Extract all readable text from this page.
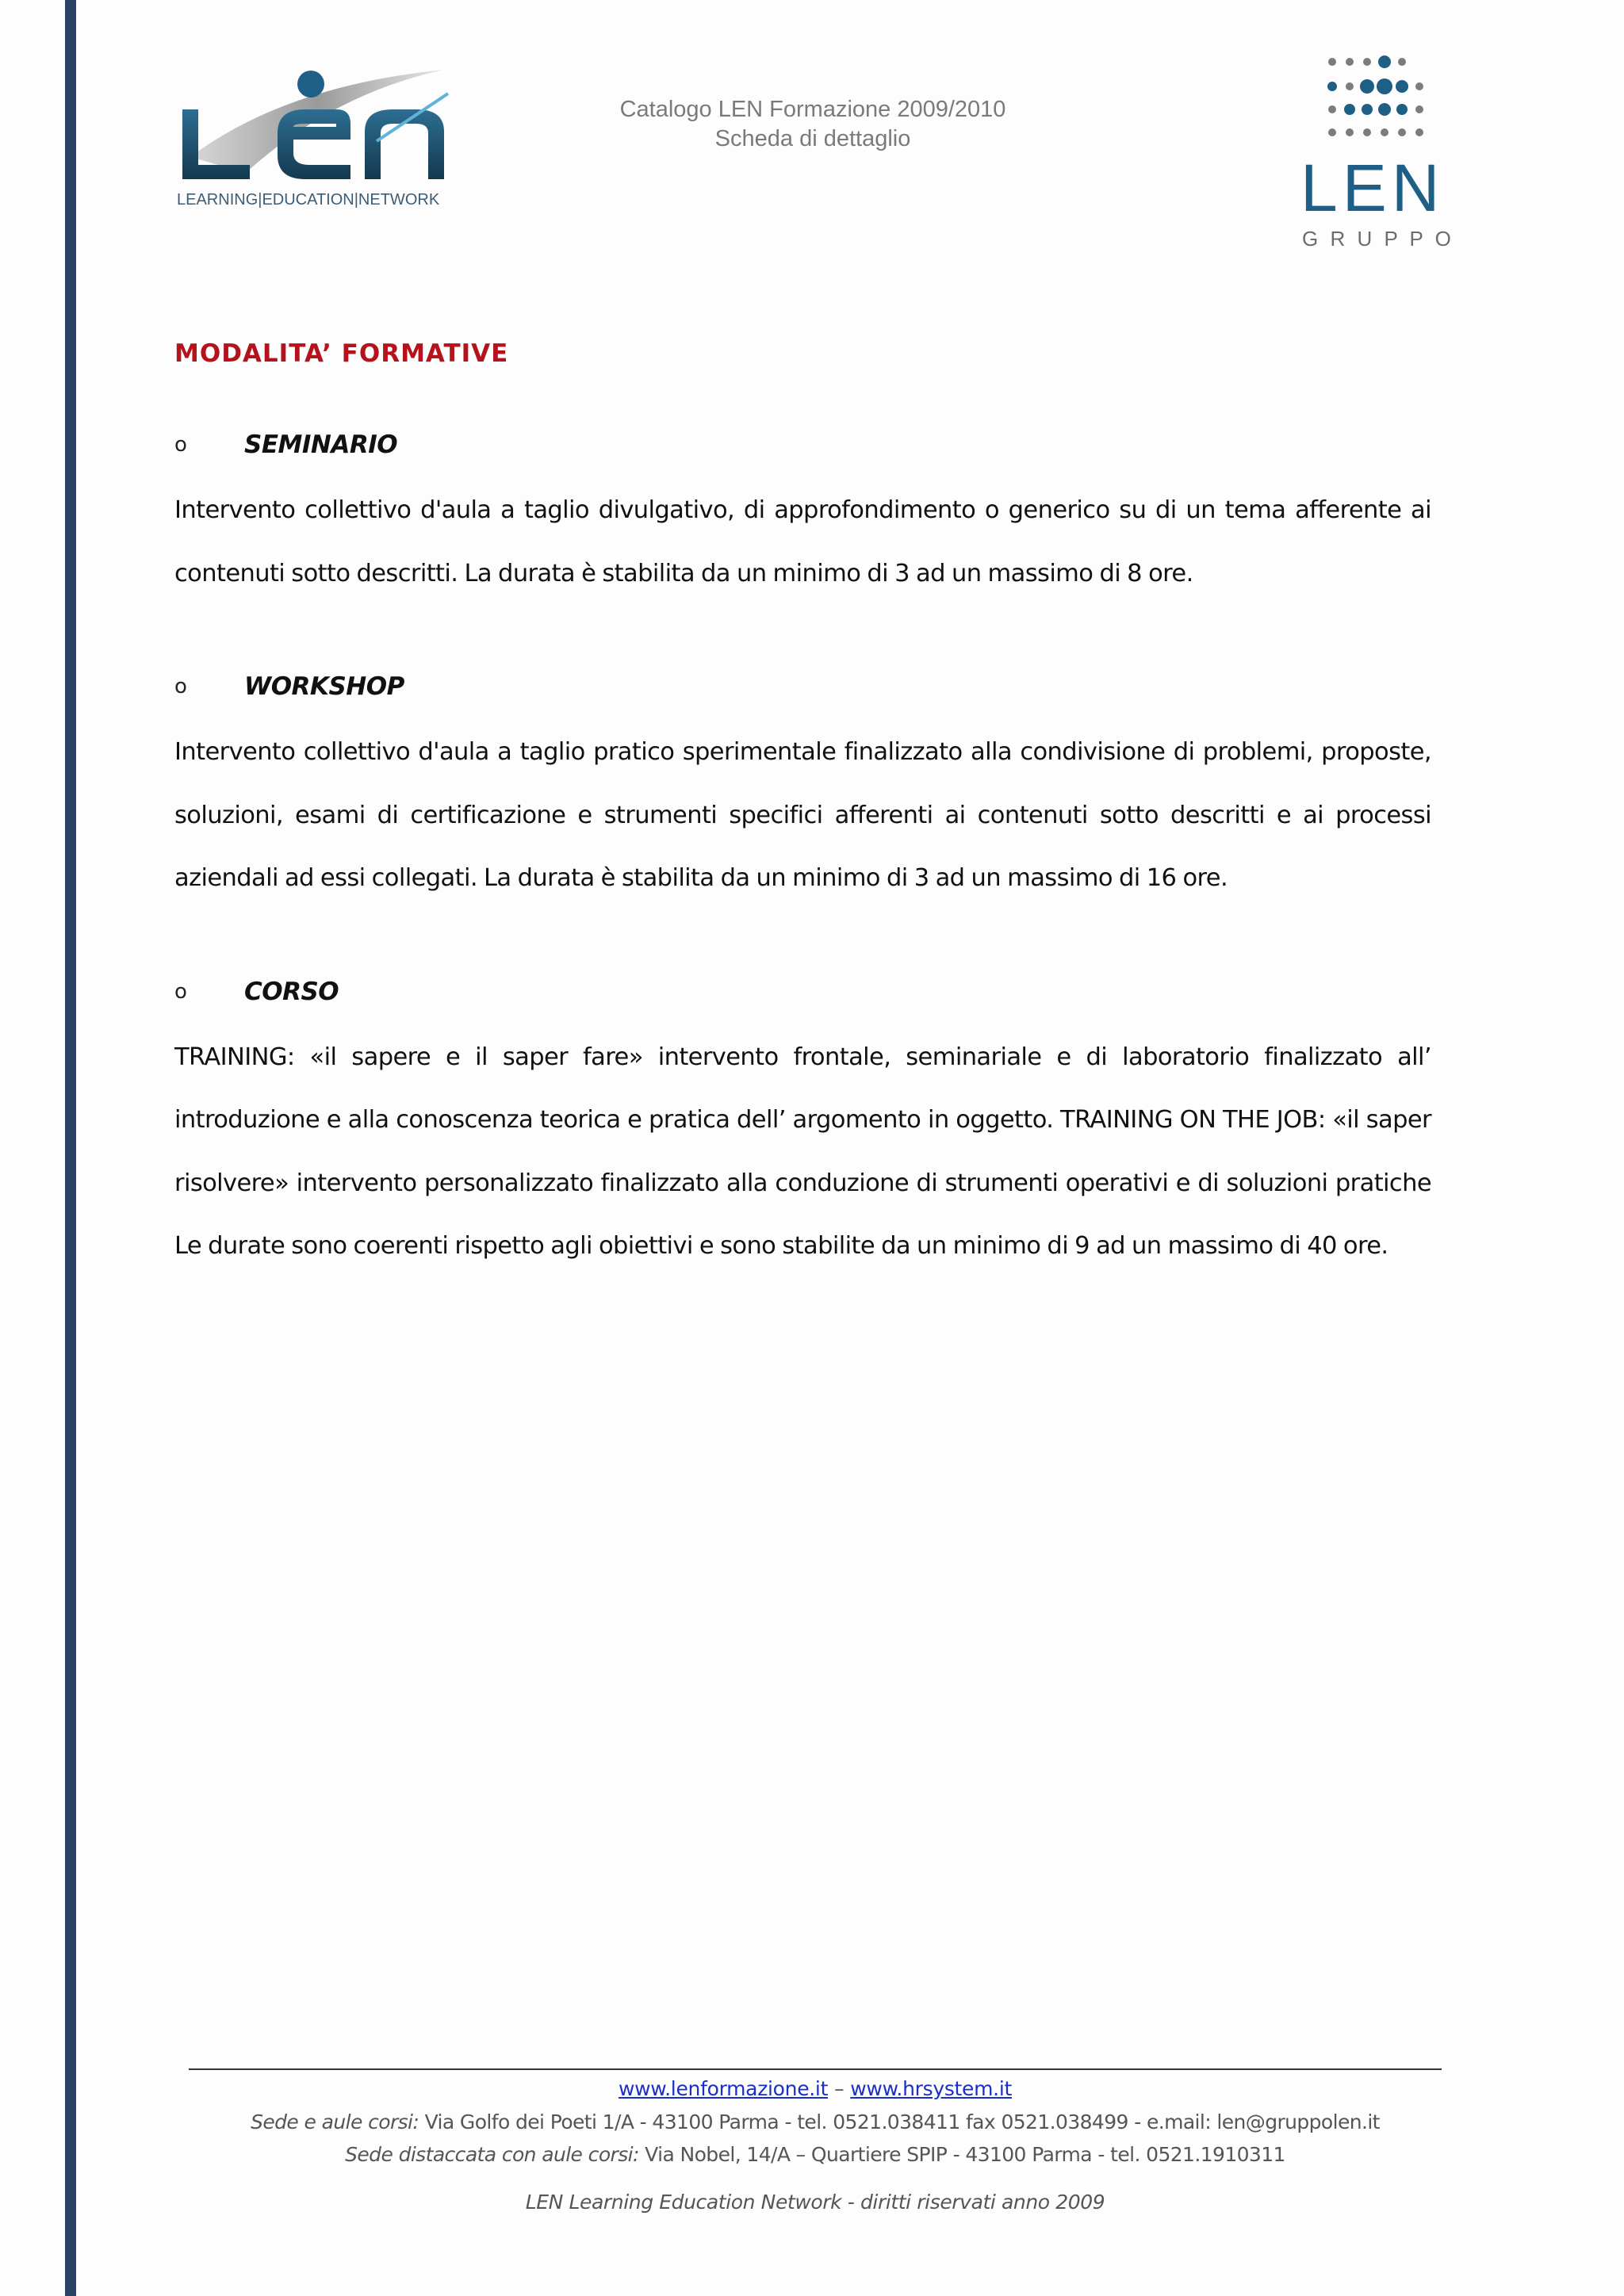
LEARNING|EDUCATION|NETWORK
Catalogo LEN Formazione 2009/2010
Scheda di dettaglio
LEN
G R U P P O
MODALITA’ FORMATIVE
o	SEMINARIO

Intervento collettivo d'aula a taglio divulgativo, di approfondimento o generico su di un tema afferente ai contenuti sotto descritti. La durata è stabilita da un minimo di 3 ad un massimo di 8 ore.

o	WORKSHOP

Intervento collettivo d'aula a taglio pratico sperimentale finalizzato alla condivisione di problemi, proposte, soluzioni, esami di certificazione e strumenti specifici afferenti ai contenuti sotto descritti e ai processi aziendali ad essi collegati. La durata è stabilita da un minimo di 3 ad un massimo di 16 ore.

o	CORSO

TRAINING: «il sapere e il saper fare» intervento frontale, seminariale e di laboratorio finalizzato all’ introduzione e alla conoscenza teorica e pratica dell’ argomento in oggetto. TRAINING ON THE JOB: «il saper risolvere» intervento personalizzato finalizzato alla conduzione di strumenti operativi e di soluzioni pratiche Le durate sono coerenti rispetto agli obiettivi e sono stabilite da un minimo di 9 ad un massimo di 40 ore.

www.lenformazione.it – www.hrsystem.it
Sede e aule corsi: Via Golfo dei Poeti 1/A - 43100 Parma - tel. 0521.038411 fax 0521.038499 - e.mail: len@gruppolen.it
Sede distaccata con aule corsi: Via Nobel, 14/A – Quartiere SPIP - 43100 Parma - tel. 0521.1910311
LEN Learning Education Network - diritti riservati anno 2009
